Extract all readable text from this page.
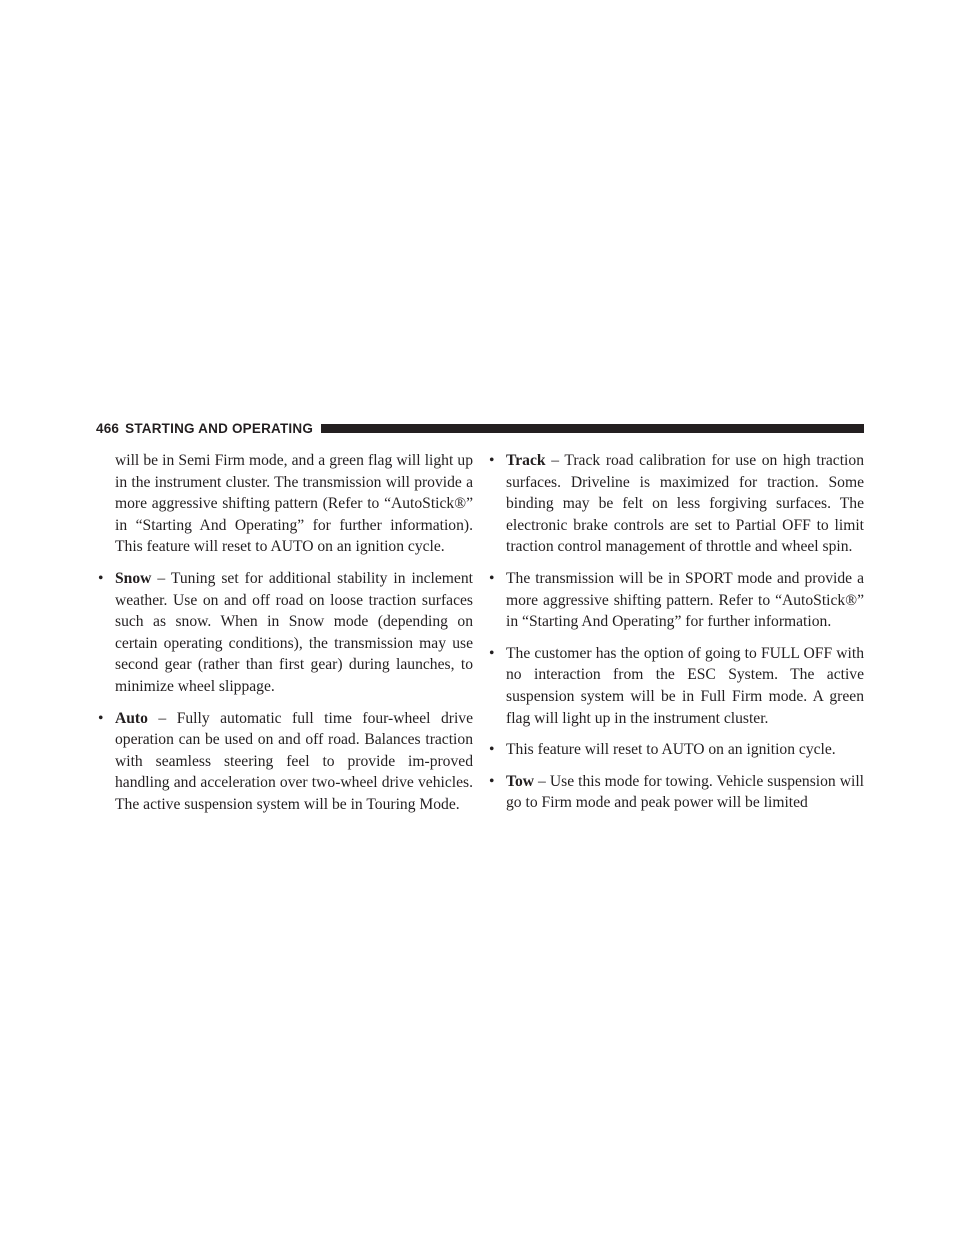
466 STARTING AND OPERATING

will be in Semi Firm mode, and a green flag will light up in the instrument cluster. The transmission will provide a more aggressive shifting pattern (Refer to “AutoStick®” in “Starting And Operating” for further information). This feature will reset to AUTO on an ignition cycle.

• Snow – Tuning set for additional stability in inclement weather. Use on and off road on loose traction surfaces such as snow. When in Snow mode (depending on certain operating conditions), the transmission may use second gear (rather than first gear) during launches, to minimize wheel slippage.
• Auto – Fully automatic full time four-wheel drive operation can be used on and off road. Balances traction with seamless steering feel to provide im-proved handling and acceleration over two-wheel drive vehicles. The active suspension system will be in Touring Mode.
• Track – Track road calibration for use on high traction surfaces. Driveline is maximized for traction. Some binding may be felt on less forgiving surfaces. The electronic brake controls are set to Partial OFF to limit traction control management of throttle and wheel spin.
• The transmission will be in SPORT mode and provide a more aggressive shifting pattern. Refer to “AutoStick®” in “Starting And Operating” for further information.
• The customer has the option of going to FULL OFF with no interaction from the ESC System. The active suspension system will be in Full Firm mode. A green flag will light up in the instrument cluster.
• This feature will reset to AUTO on an ignition cycle.
• Tow – Use this mode for towing. Vehicle suspension will go to Firm mode and peak power will be limited
